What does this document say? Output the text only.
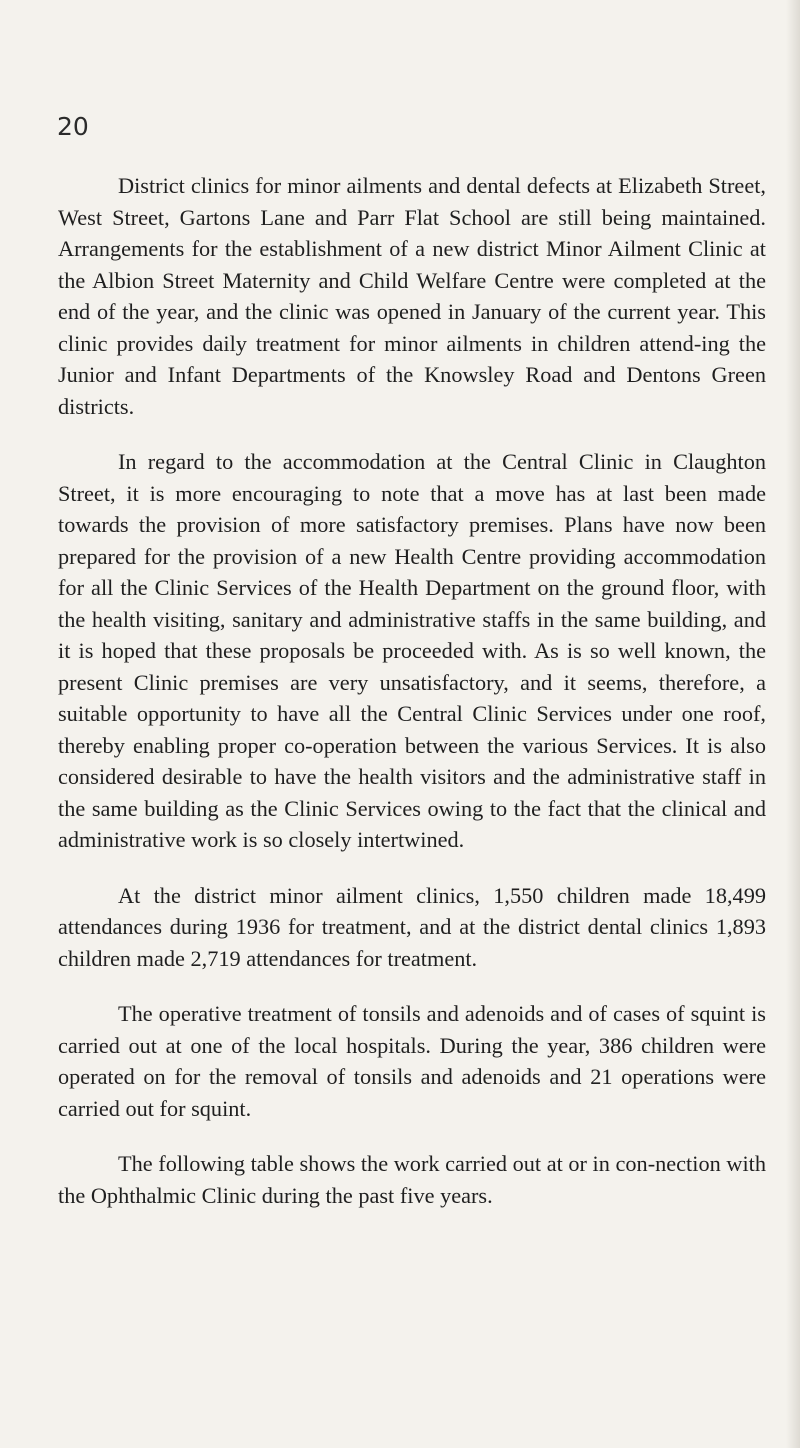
20

District clinics for minor ailments and dental defects at Elizabeth Street, West Street, Gartons Lane and Parr Flat School are still being maintained. Arrangements for the establishment of a new district Minor Ailment Clinic at the Albion Street Maternity and Child Welfare Centre were completed at the end of the year, and the clinic was opened in January of the current year. This clinic provides daily treatment for minor ailments in children attend-ing the Junior and Infant Departments of the Knowsley Road and Dentons Green districts.

In regard to the accommodation at the Central Clinic in Claughton Street, it is more encouraging to note that a move has at last been made towards the provision of more satisfactory premises. Plans have now been prepared for the provision of a new Health Centre providing accommodation for all the Clinic Services of the Health Department on the ground floor, with the health visiting, sanitary and administrative staffs in the same building, and it is hoped that these proposals be proceeded with. As is so well known, the present Clinic premises are very unsatisfactory, and it seems, therefore, a suitable opportunity to have all the Central Clinic Services under one roof, thereby enabling proper co-operation between the various Services. It is also considered desirable to have the health visitors and the administrative staff in the same building as the Clinic Services owing to the fact that the clinical and administrative work is so closely intertwined.

At the district minor ailment clinics, 1,550 children made 18,499 attendances during 1936 for treatment, and at the district dental clinics 1,893 children made 2,719 attendances for treatment.

The operative treatment of tonsils and adenoids and of cases of squint is carried out at one of the local hospitals. During the year, 386 children were operated on for the removal of tonsils and adenoids and 21 operations were carried out for squint.

The following table shows the work carried out at or in con-nection with the Ophthalmic Clinic during the past five years.
